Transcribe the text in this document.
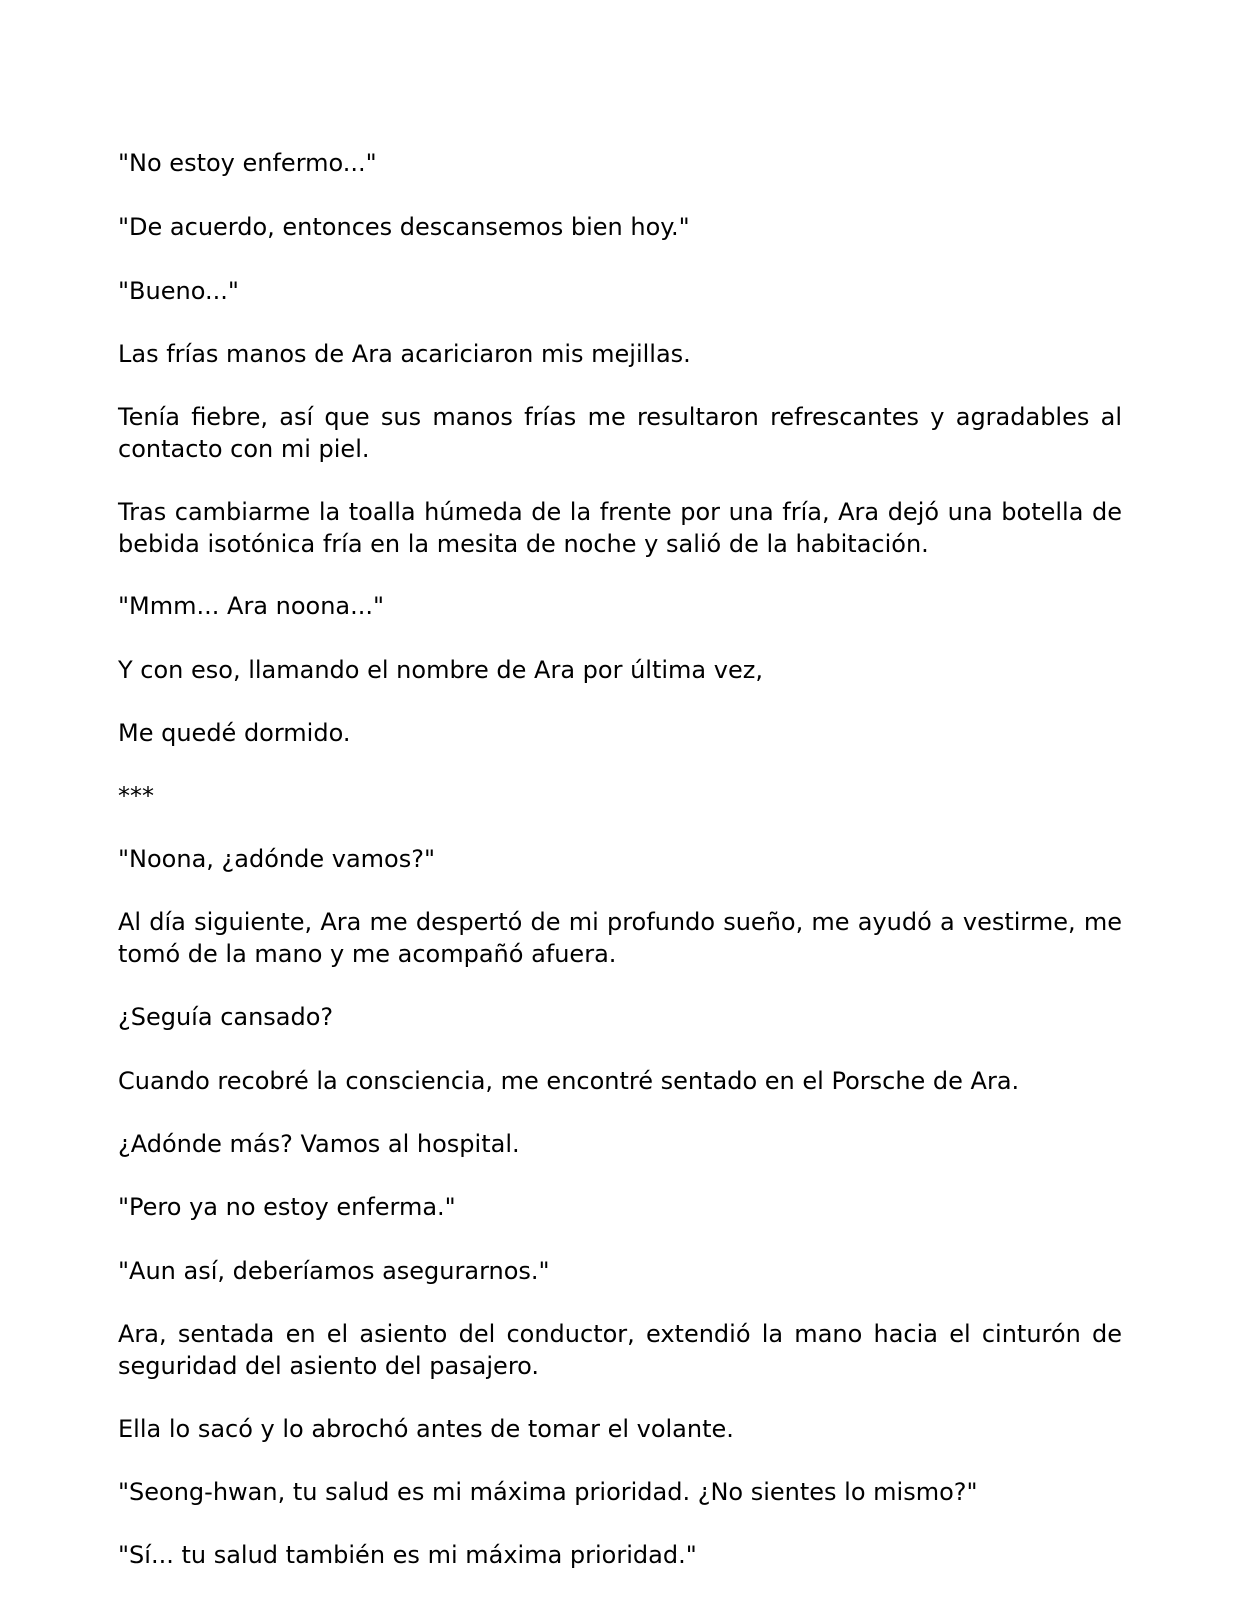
"No estoy enfermo..."

"De acuerdo, entonces descansemos bien hoy."

"Bueno..."

Las frías manos de Ara acariciaron mis mejillas.

Tenía fiebre, así que sus manos frías me resultaron refrescantes y agradables al contacto con mi piel.

Tras cambiarme la toalla húmeda de la frente por una fría, Ara dejó una botella de bebida isotónica fría en la mesita de noche y salió de la habitación.

"Mmm... Ara noona..."

Y con eso, llamando el nombre de Ara por última vez,

Me quedé dormido.

***

"Noona, ¿adónde vamos?"

Al día siguiente, Ara me despertó de mi profundo sueño, me ayudó a vestirme, me tomó de la mano y me acompañó afuera.

¿Seguía cansado?

Cuando recobré la consciencia, me encontré sentado en el Porsche de Ara.

¿Adónde más? Vamos al hospital.

"Pero ya no estoy enferma."

"Aun así, deberíamos asegurarnos."

Ara, sentada en el asiento del conductor, extendió la mano hacia el cinturón de seguridad del asiento del pasajero.

Ella lo sacó y lo abrochó antes de tomar el volante.

"Seong-hwan, tu salud es mi máxima prioridad. ¿No sientes lo mismo?"

"Sí... tu salud también es mi máxima prioridad."
